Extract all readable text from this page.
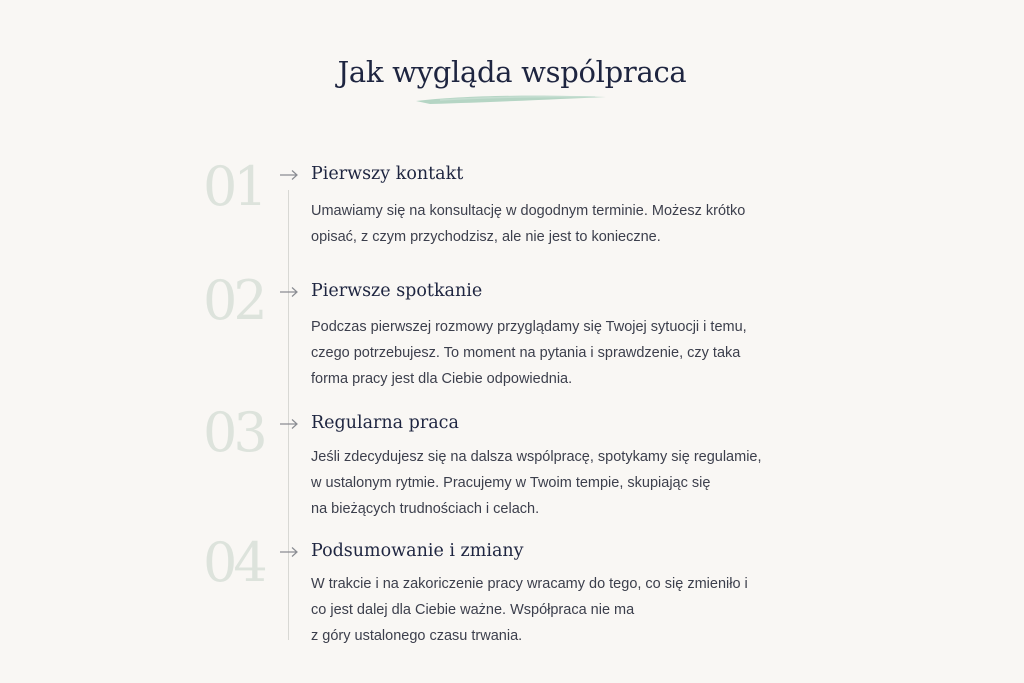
Jak wygląda wspólpraca
01	Pierwszy kontakt
Umawiamy się na konsultację w dogodnym terminie. Możesz krótko
opisać, z czym przychodzisz, ale nie jest to konieczne.
02	Pierwsze spotkanie
Podczas pierwszej rozmowy przyglądamy się Twojej sytuocji i temu,
czego potrzebujesz. To moment na pytania i sprawdzenie, czy taka
forma pracy jest dla Ciebie odpowiednia.
03	Regularna praca
Jeśli zdecydujesz się na dalsza wspólpracę, spotykamy się regulamie,
w ustalonym rytmie. Pracujemy w Twoim tempie, skupiając się
na bieżących trudnościach i celach.
04	Podsumowanie i zmiany
W trakcie i na zakoriczenie pracy wracamy do tego, co się zmieniło i
co jest dalej dla Ciebie ważne. Współpraca nie ma
z góry ustalonego czasu trwania.
